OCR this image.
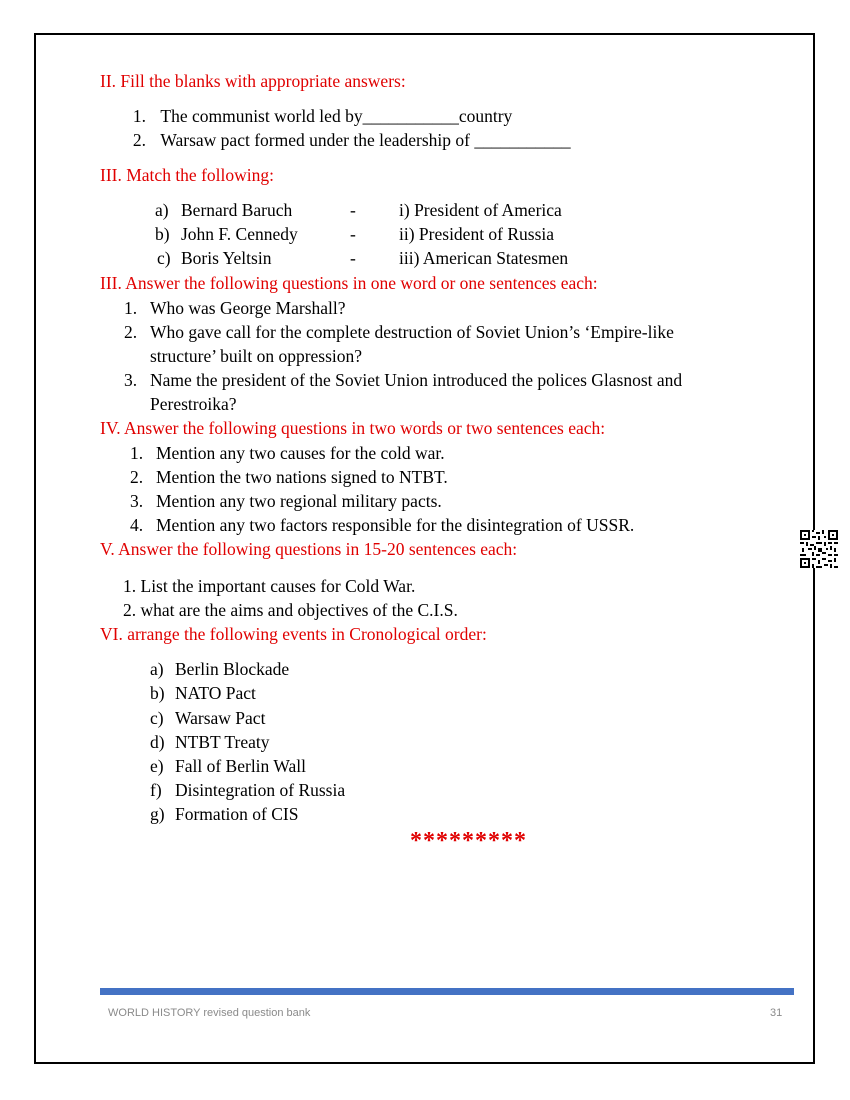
II. Fill the blanks with appropriate answers:
1. The communist world led by___________country
2. Warsaw pact formed under the leadership of ___________
III. Match the following:
a) Bernard Baruch	- i) President of America
b) John F. Cennedy	- ii) President of Russia
c) Boris Yeltsin	- iii) American Statesmen
III. Answer the following questions in one word or one sentences each:
1. Who was George Marshall?
2. Who gave call for the complete destruction of Soviet Union’s ‘Empire-like
structure’ built on oppression?
3. Name the president of the Soviet Union introduced the polices Glasnost and
Perestroika?
IV. Answer the following questions in two words or two sentences each:
1. Mention any two causes for the cold war.
2. Mention the two nations signed to NTBT.
3. Mention any two regional military pacts.
4. Mention any two factors responsible for the disintegration of USSR.
V. Answer the following questions in 15-20 sentences each:
1. List the important causes for Cold War.
2. what are the aims and objectives of the C.I.S.
VI. arrange the following events in Cronological order:
a) Berlin Blockade
b) NATO Pact
c) Warsaw Pact
d) NTBT Treaty
e) Fall of Berlin Wall
f) Disintegration of Russia
g) Formation of CIS
*********
WORLD HISTORY revised question bank	31
